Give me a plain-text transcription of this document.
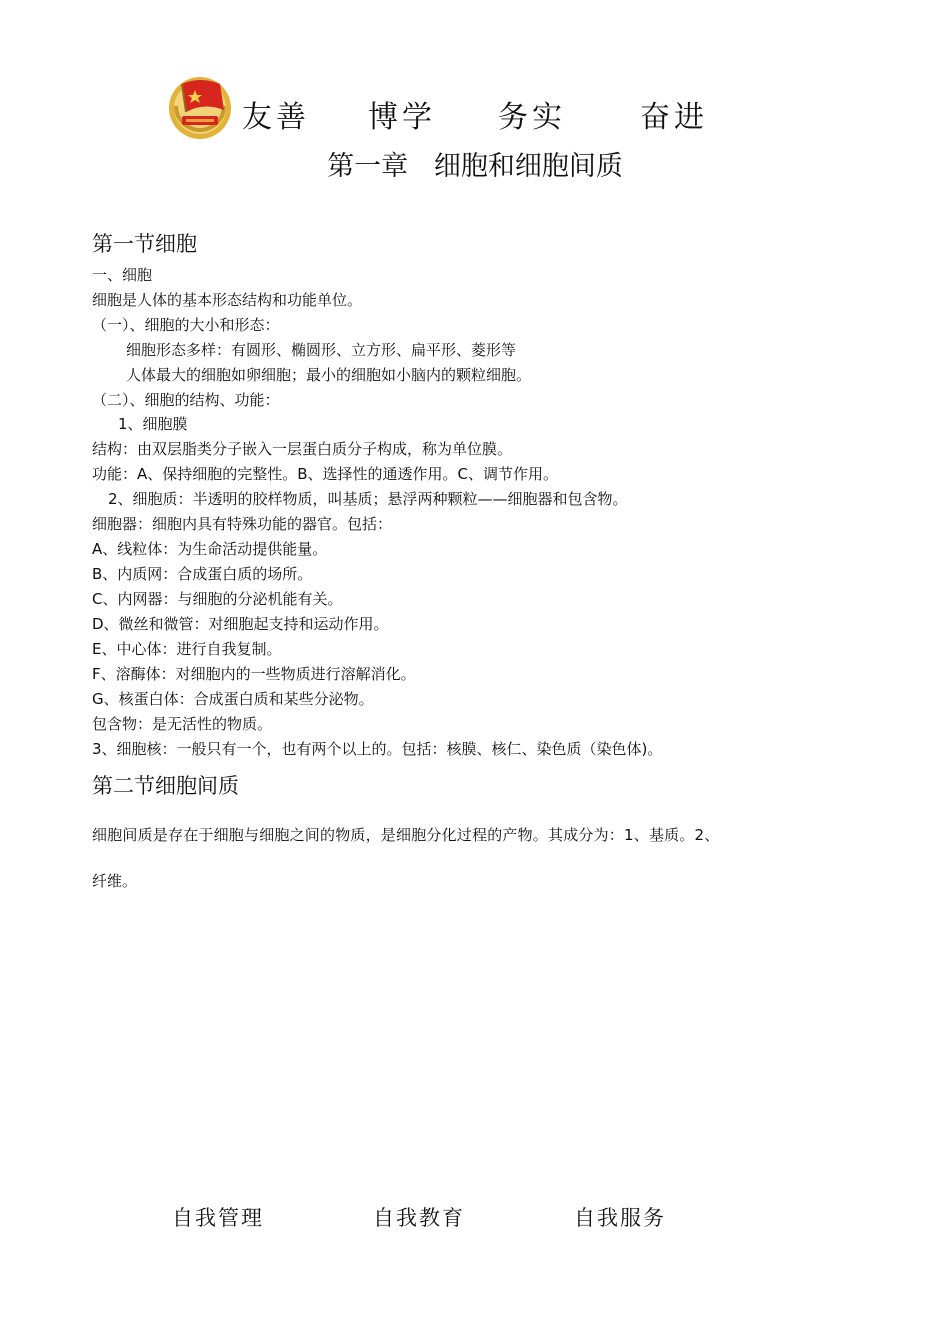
友善 博学 务实 奋进
第一章   细胞和细胞间质
第一节细胞
一、细胞
细胞是人体的基本形态结构和功能单位。
（一）、细胞的大小和形态：
细胞形态多样：有圆形、椭圆形、立方形、扁平形、菱形等
人体最大的细胞如卵细胞；最小的细胞如小脑内的颗粒细胞。
（二）、细胞的结构、功能：
1、细胞膜
结构：由双层脂类分子嵌入一层蛋白质分子构成，称为单位膜。
功能：A、保持细胞的完整性。B、选择性的通透作用。C、调节作用。
2、细胞质：半透明的胶样物质，叫基质；悬浮两种颗粒——细胞器和包含物。
细胞器：细胞内具有特殊功能的器官。包括：
A、线粒体：为生命活动提供能量。
B、内质网：合成蛋白质的场所。
C、内网器：与细胞的分泌机能有关。
D、微丝和微管：对细胞起支持和运动作用。
E、中心体：进行自我复制。
F、溶酶体：对细胞内的一些物质进行溶解消化。
G、核蛋白体：合成蛋白质和某些分泌物。
包含物：是无活性的物质。
3、细胞核：一般只有一个，也有两个以上的。包括：核膜、核仁、染色质（染色体)。
第二节细胞间质
细胞间质是存在于细胞与细胞之间的物质，是细胞分化过程的产物。其成分为：1、基质。2、
纤维。
自我管理	自我教育	自我服务
